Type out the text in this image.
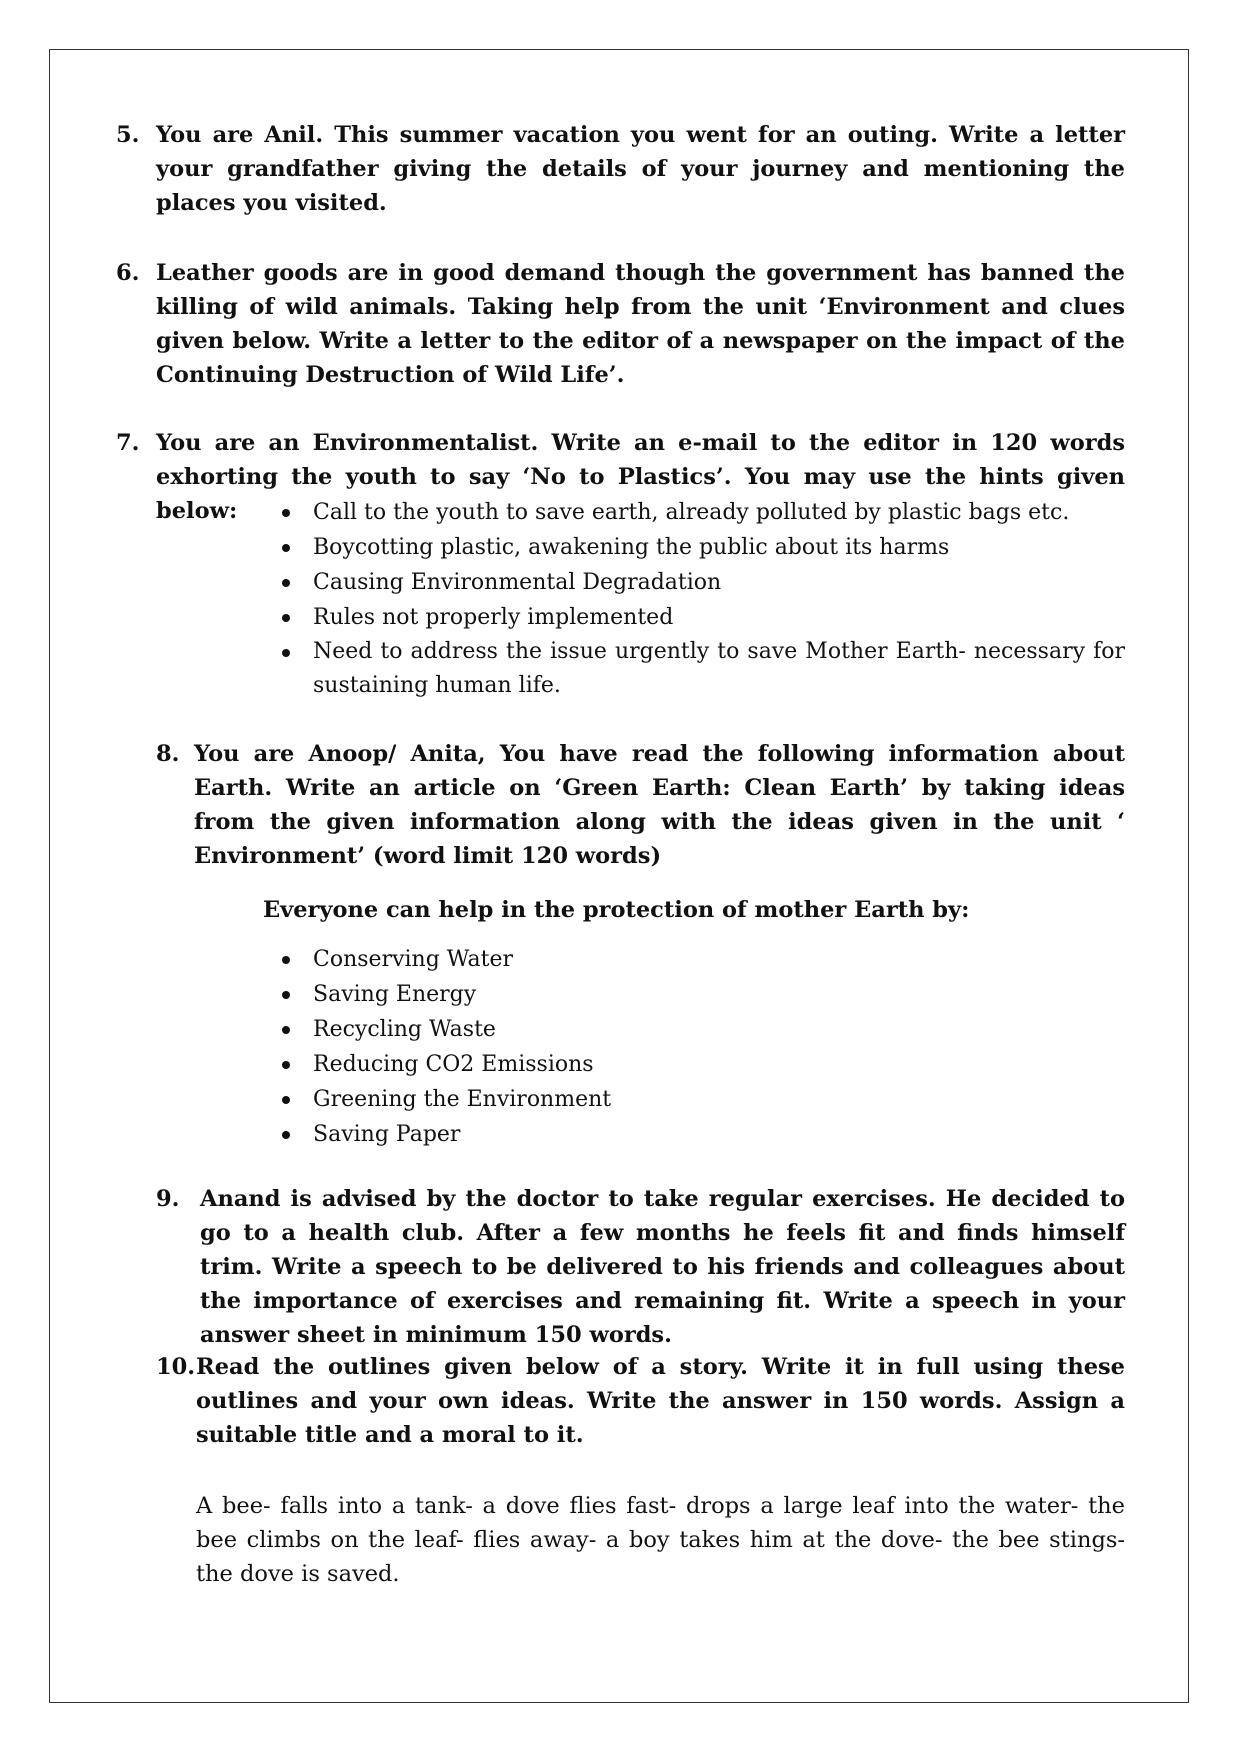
5. You are Anil. This summer vacation you went for an outing. Write a letter your grandfather giving the details of your journey and mentioning the places you visited.
6. Leather goods are in good demand though the government has banned the killing of wild animals. Taking help from the unit ‘Environment and clues given below. Write a letter to the editor of a newspaper on the impact of the Continuing Destruction of Wild Life’.
7. You are an Environmentalist. Write an e-mail to the editor in 120 words exhorting the youth to say ‘No to Plastics’. You may use the hints given below:	Call to the youth to save earth, already polluted by plastic bags etc.
Boycotting plastic, awakening the public about its harms
Causing Environmental Degradation
Rules not properly implemented
Need to address the issue urgently to save Mother Earth- necessary for sustaining human life.
8. You are Anoop/ Anita, You have read the following information about Earth. Write an article on ‘Green Earth: Clean Earth’ by taking ideas from the given information along with the ideas given in the unit ‘ Environment’ (word limit 120 words)
Everyone can help in the protection of mother Earth by:
Conserving Water
Saving Energy
Recycling Waste
Reducing CO2 Emissions
Greening the Environment
Saving Paper
9. Anand is advised by the doctor to take regular exercises. He decided to go to a health club. After a few months he feels fit and finds himself trim. Write a speech to be delivered to his friends and colleagues about the importance of exercises and remaining fit. Write a speech in your answer sheet in minimum 150 words.
10. Read the outlines given below of a story. Write it in full using these outlines and your own ideas. Write the answer in 150 words. Assign a suitable title and a moral to it.
A bee- falls into a tank- a dove flies fast- drops a large leaf into the water- the bee climbs on the leaf- flies away- a boy takes him at the dove- the bee stings- the dove is saved.
